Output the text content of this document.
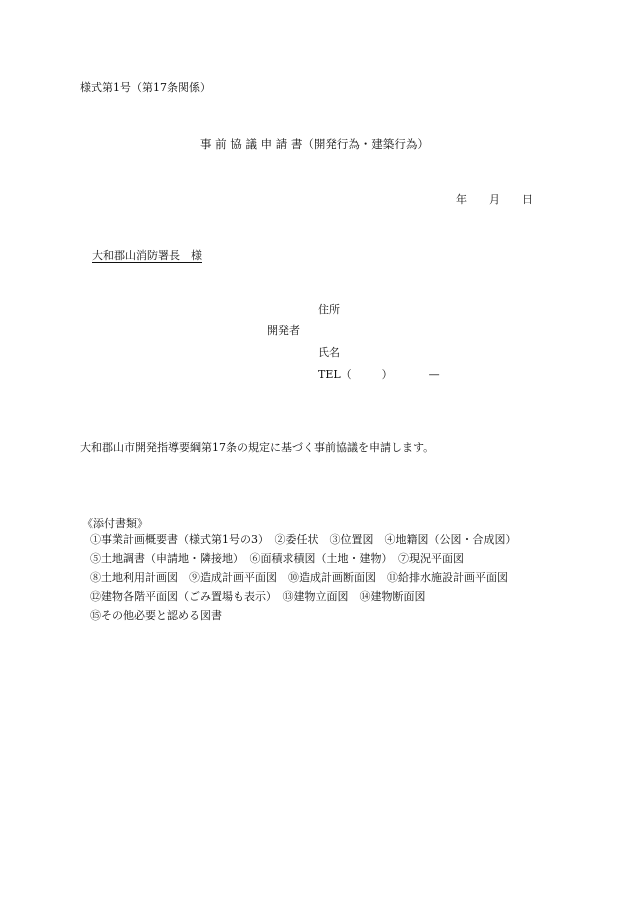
様式第1号（第17条関係）
事 前 協 議 申 請 書（開発行為・建築行為）
年 月 日
大和郡山消防署長　様
住所
開発者
氏名
TEL（	）	—
大和郡山市開発指導要綱第17条の規定に基づく事前協議を申請します。
《添付書類》
①事業計画概要書（様式第1号の3）　②委任状　③位置図　④地籍図（公図・合成図）
⑤土地調書（申請地・隣接地）　⑥面積求積図（土地・建物）　⑦現況平面図
⑧土地利用計画図　⑨造成計画平面図　⑩造成計画断面図　⑪給排水施設計画平面図
⑫建物各階平面図（ごみ置場も表示）　⑬建物立面図　⑭建物断面図
⑮その他必要と認める図書
